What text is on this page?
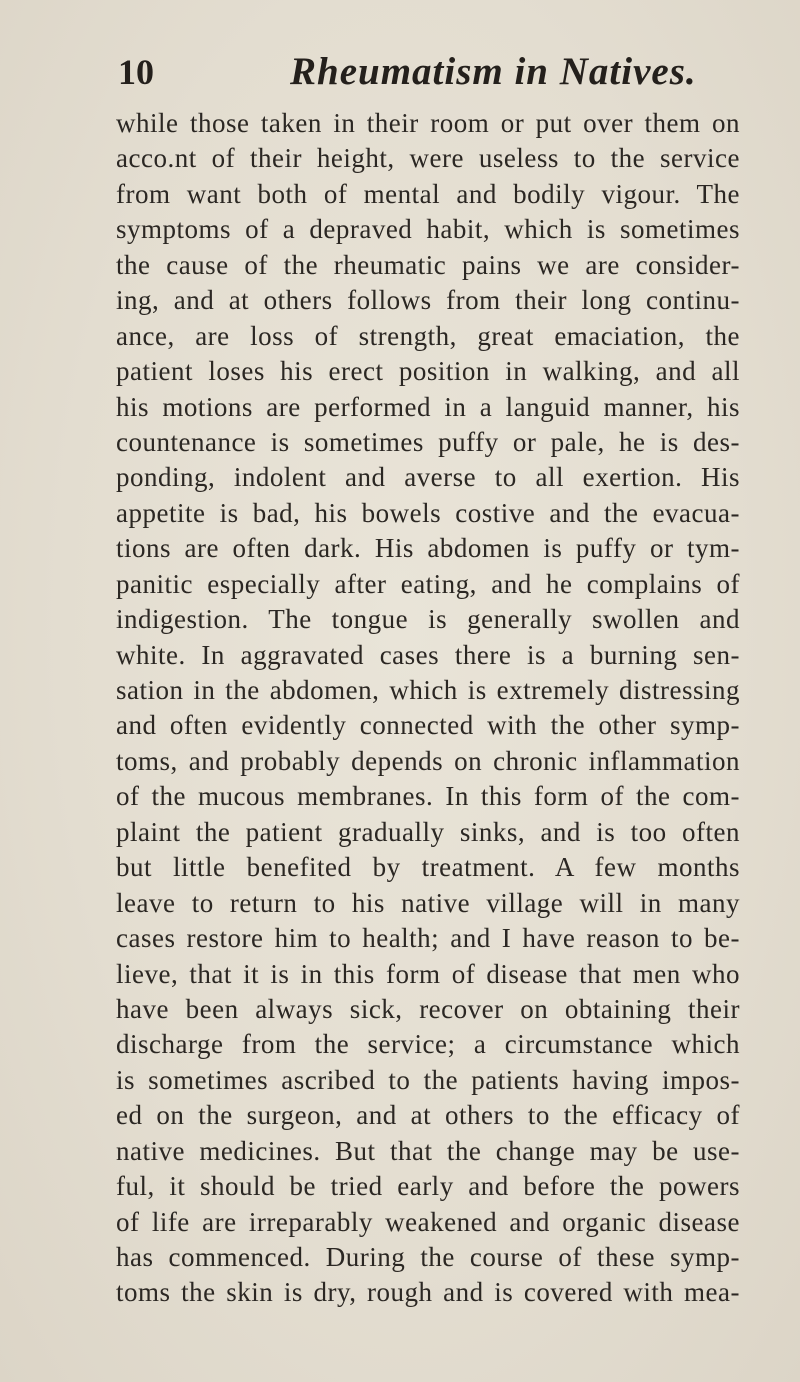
10	Rheumatism in Natives.
while those taken in their room or put over them on
acco.nt of their height, were useless to the service
from want both of mental and bodily vigour. The
symptoms of a depraved habit, which is sometimes
the cause of the rheumatic pains we are consider-
ing, and at others follows from their long continu-
ance, are loss of strength, great emaciation, the
patient loses his erect position in walking, and all
his motions are performed in a languid manner, his
countenance is sometimes puffy or pale, he is des-
ponding, indolent and averse to all exertion. His
appetite is bad, his bowels costive and the evacua-
tions are often dark. His abdomen is puffy or tym-
panitic especially after eating, and he complains of
indigestion. The tongue is generally swollen and
white. In aggravated cases there is a burning sen-
sation in the abdomen, which is extremely distressing
and often evidently connected with the other symp-
toms, and probably depends on chronic inflammation
of the mucous membranes. In this form of the com-
plaint the patient gradually sinks, and is too often
but little benefited by treatment. A few months
leave to return to his native village will in many
cases restore him to health; and I have reason to be-
lieve, that it is in this form of disease that men who
have been always sick, recover on obtaining their
discharge from the service; a circumstance which
is sometimes ascribed to the patients having impos-
ed on the surgeon, and at others to the efficacy of
native medicines. But that the change may be use-
ful, it should be tried early and before the powers
of life are irreparably weakened and organic disease
has commenced. During the course of these symp-
toms the skin is dry, rough and is covered with mea-
